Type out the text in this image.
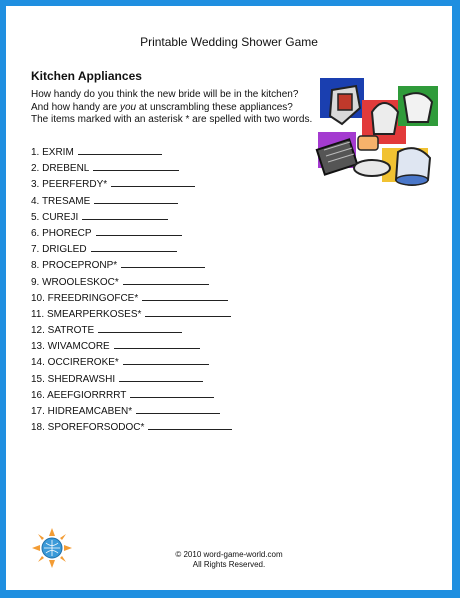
Printable Wedding Shower Game
Kitchen Appliances
How handy do you think the new bride will be in the kitchen?
And how handy are you at unscrambling these appliances?
The items marked with an asterisk * are spelled with two words.
1. EXRIM
2. DREBENL
3. PEERFERDY*
4. TRESAME
5. CUREJI
6. PHORECP
7. DRIGLED
8. PROCEPRONP*
9. WROOLESKOC*
10. FREEDRINGOFCE*
11. SMEARPERKOSES*
12. SATROTE
13. WIVAMCORE
14. OCCIREROKE*
15. SHEDRAWSHI
16. AEEFGIORRRRT
17. HIDREAMCABEN*
18. SPOREFORSODOC*
© 2010 word-game-world.com
All Rights Reserved.
